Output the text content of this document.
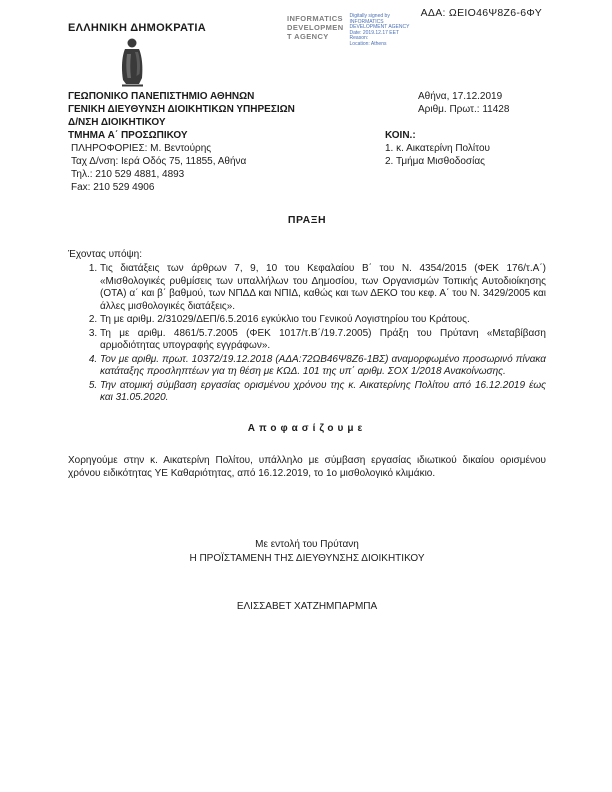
ΑΔΑ: ΩΕΙΟ46Ψ8Ζ6-6ΦΥ
ΕΛΛΗΝΙΚΗ ΔΗΜΟΚΡΑΤΙΑ
INFORMATICS
DEVELOPMEN
T AGENCY
Digitally signed by
INFORMATICS
DEVELOPMENT AGENCY
Date: 2019.12.17 EET
Reason:
Location: Athens
ΓΕΩΠΟΝΙΚΟ ΠΑΝΕΠΙΣΤΗΜΙΟ ΑΘΗΝΩΝ
ΓΕΝΙΚΗ ΔΙΕΥΘΥΝΣΗ ΔΙΟΙΚΗΤΙΚΩΝ ΥΠΗΡΕΣΙΩΝ
Δ/ΝΣΗ ΔΙΟΙΚΗΤΙΚΟΥ
ΤΜΗΜΑ Α΄ ΠΡΟΣΩΠΙΚΟΥ
ΠΛΗΡΟΦΟΡΙΕΣ: Μ. Βεντούρης
Ταχ Δ/νση: Ιερά Οδός 75, 11855, Αθήνα
Τηλ.: 210 529 4881, 4893
Fax: 210 529 4906
Αθήνα, 17.12.2019
Αριθμ. Πρωτ.: 11428
ΚΟΙΝ.:
1. κ. Αικατερίνη Πολίτου
2. Τμήμα Μισθοδοσίας
ΠΡΑΞΗ
Έχοντας υπόψη:
1. Τις διατάξεις των άρθρων 7, 9, 10 του Κεφαλαίου Β΄ του Ν. 4354/2015 (ΦΕΚ 176/τ.Α΄) «Μισθολογικές ρυθμίσεις των υπαλλήλων του Δημοσίου, των Οργανισμών Τοπικής Αυτοδιοίκησης (ΟΤΑ) α΄ και β΄ βαθμού, των ΝΠΔΔ και ΝΠΙΔ, καθώς και των ΔΕΚΟ του κεφ. Α΄ του Ν. 3429/2005 και άλλες μισθολογικές διατάξεις».
2. Τη με αριθμ. 2/31029/ΔΕΠ/6.5.2016 εγκύκλιο του Γενικού Λογιστηρίου του Κράτους.
3. Τη με αριθμ. 4861/5.7.2005 (ΦΕΚ 1017/τ.Β΄/19.7.2005) Πράξη του Πρύτανη «Μεταβίβαση αρμοδιότητας υπογραφής εγγράφων».
4. Τον με αριθμ. πρωτ. 10372/19.12.2018 (ΑΔΑ:72ΩΒ46Ψ8Ζ6-1ΒΣ) αναμορφωμένο προσωρινό πίνακα κατάταξης προσληπτέων για τη θέση με ΚΩΔ. 101 της υπ΄ αριθμ. ΣΟΧ 1/2018 Ανακοίνωσης.
5. Την ατομική σύμβαση εργασίας ορισμένου χρόνου της κ. Αικατερίνης Πολίτου από 16.12.2019 έως και 31.05.2020.
Αποφασίζουμε
Χορηγούμε στην κ. Αικατερίνη Πολίτου, υπάλληλο με σύμβαση εργασίας ιδιωτικού δικαίου ορισμένου χρόνου ειδικότητας ΥΕ Καθαριότητας, από 16.12.2019, το 1ο μισθολογικό κλιμάκιο.
Με εντολή του Πρύτανη
Η ΠΡΟΪΣΤΑΜΕΝΗ ΤΗΣ ΔΙΕΥΘΥΝΣΗΣ ΔΙΟΙΚΗΤΙΚΟΥ
ΕΛΙΣΣΑΒΕΤ ΧΑΤΖΗΜΠΑΡΜΠΑ
